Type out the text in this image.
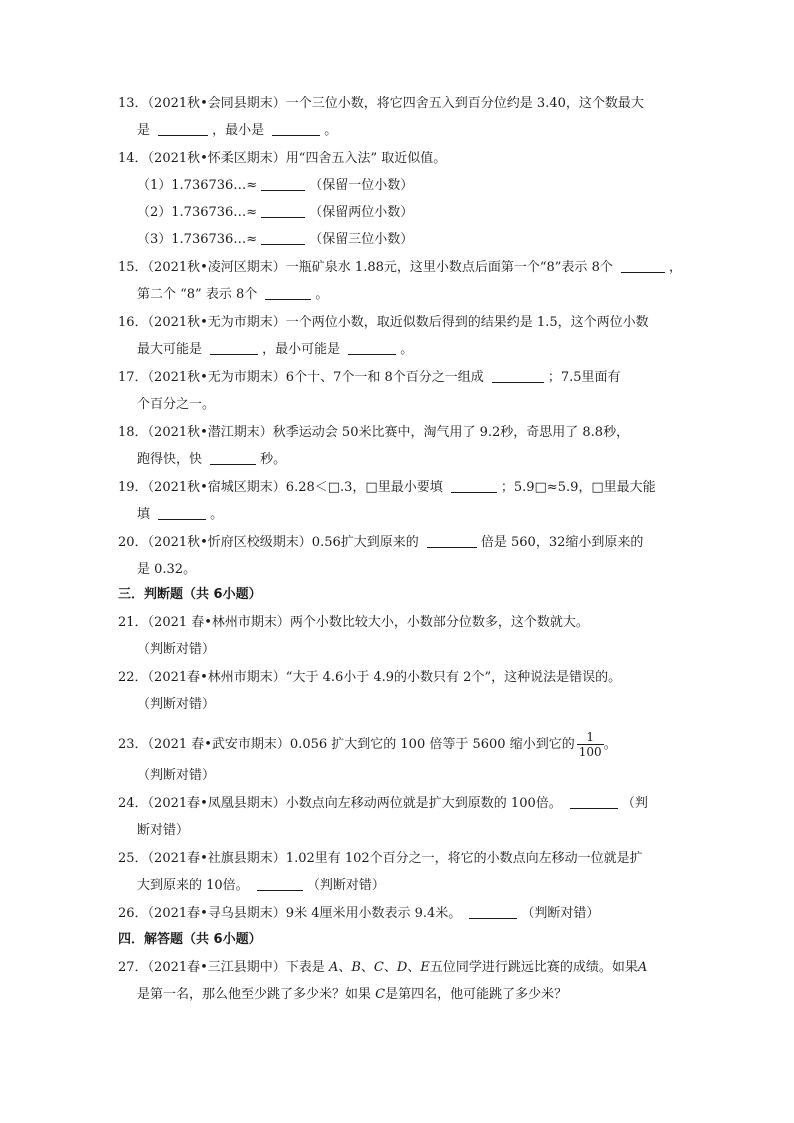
13．（2021秋•会同县期末）一个三位小数，将它四舍五入到百分位约是 3.40，这个数最大
是	，最小是	。
14．（2021秋•怀柔区期末）用“四舍五入法” 取近似值。
（1）1.736736…≈	（保留一位小数）
（2）1.736736…≈	（保留两位小数）
（3）1.736736…≈	（保留三位小数）
15．（2021秋•凌河区期末）一瓶矿泉水 1.88元，这里小数点后面第一个“8”表示 8个	，
第二个 “8” 表示 8个	。
16．（2021秋•无为市期末）一个两位小数，取近似数后得到的结果约是 1.5，这个两位小数
最大可能是	，最小可能是	。
17．（2021秋•无为市期末）6个十、7个一和 8个百分之一组成	；7.5里面有
个百分之一。
18．（2021秋•潜江期末）秋季运动会 50米比赛中，淘气用了 9.2秒，奇思用了 8.8秒，
跑得快，快	秒。
19．（2021秋•宿城区期末）6.28＜□.3，□里最小要填	；5.9□≈5.9，□里最大能
填	。
20．（2021秋•忻府区校级期末）0.56扩大到原来的	倍是 560，32缩小到原来的
是 0.32。
三．判断题（共 6小题）
21．（2021 春•林州市期末）两个小数比较大小，小数部分位数多，这个数就大。
（判断对错）
22．（2021春•林州市期末）“大于 4.6小于 4.9的小数只有 2个”，这种说法是错误的。
（判断对错）
23．（2021 春•武安市期末）0.056 扩大到它的 100 倍等于 5600 缩小到它的 $\frac{1}{100}$ 。
（判断对错）
24．（2021春•凤凰县期末）小数点向左移动两位就是扩大到原数的 100倍。	（判
断对错）
25．（2021春•社旗县期末）1.02里有 102个百分之一，将它的小数点向左移动一位就是扩
大到原来的 10倍。	（判断对错）
26．（2021春•寻乌县期末）9米 4厘米用小数表示 9.4米。	（判断对错）
四．解答题（共 6小题）
27．（2021春•三江县期中）下表是 A、B、C、D、E五位同学进行跳远比赛的成绩。如果A
是第一名，那么他至少跳了多少米？如果 C是第四名，他可能跳了多少米？
